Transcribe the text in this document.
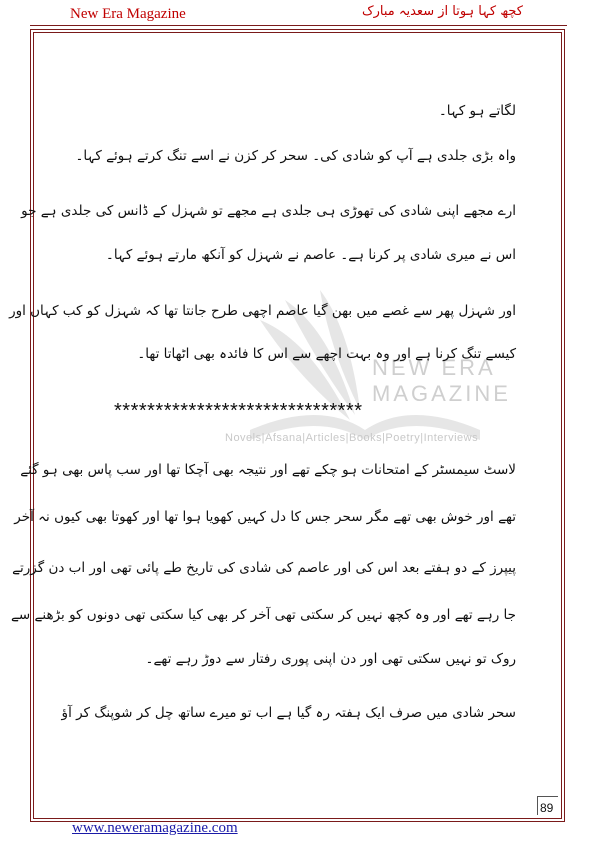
New Era Magazine	کچھ کہا ہوتا از سعدیہ مبارک
NEW ERA MAGAZINE
Novels|Afsana|Articles|Books|Poetry|Interviews
لگاتے ہو کہا۔
واہ بڑی جلدی ہے آپ کو شادی کی۔ سحر کر کزن نے اسے تنگ کرتے ہوئے کہا۔
ارے مجھے اپنی شادی کی تھوڑی ہی جلدی ہے مجھے تو شہزل کے ڈانس کی جلدی ہے جو
اس نے میری شادی پر کرنا ہے۔ عاصم نے شہزل کو آنکھ مارتے ہوئے کہا۔
اور شہزل پھر سے غصے میں بھن گیا عاصم اچھی طرح جانتا تھا کہ شہزل کو کب کہاں اور
کیسے تنگ کرنا ہے اور وہ بہت اچھے سے اس کا فائدہ بھی اٹھاتا تھا۔
******************************
لاسٹ سیمسٹر کے امتحانات ہو چکے تھے اور نتیجہ بھی آچکا تھا اور سب پاس بھی ہو گئے
تھے اور خوش بھی تھے مگر سحر جس کا دل کہیں کھویا ہوا تھا اور کھوتا بھی کیوں نہ آخر
پیپرز کے دو ہفتے بعد اس کی اور عاصم کی شادی کی تاریخ طے پائی تھی اور اب دن گزرتے
جا رہے تھے اور وہ کچھ نہیں کر سکتی تھی آخر کر بھی کیا سکتی تھی دونوں کو بڑھنے سے
روک تو نہیں سکتی تھی اور دن اپنی پوری رفتار سے دوڑ رہے تھے۔
سحر شادی میں صرف ایک ہفتہ رہ گیا ہے اب تو میرے ساتھ چل کر شوپنگ کر آؤ
89
www.neweramagazine.com
